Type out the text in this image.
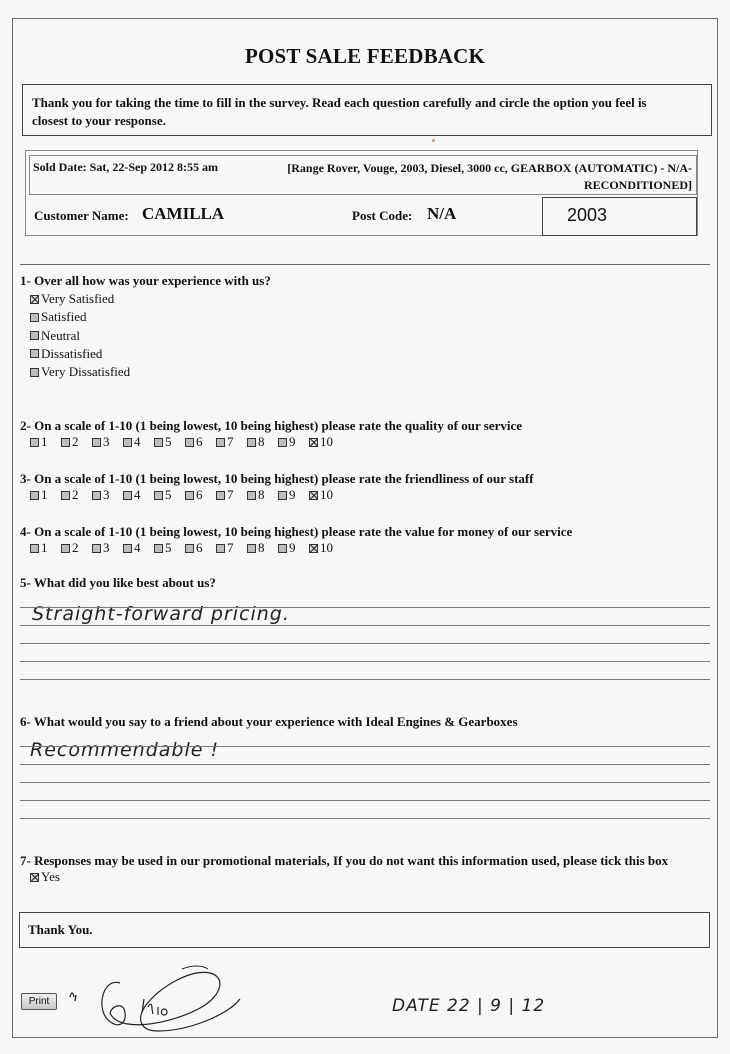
POST SALE FEEDBACK
Thank you for taking the time to fill in the survey. Read each question carefully and circle the option you feel is
closest to your response.
Sold Date: Sat, 22-Sep 2012 8:55 am	[Range Rover, Vouge, 2003, Diesel, 3000 cc, GEARBOX (AUTOMATIC) - N/A-
RECONDITIONED]
Customer Name: CAMILLA	Post Code: N/A	2003
1- Over all how was your experience with us?
Very Satisfied
Satisfied
Neutral
Dissatisfied
Very Dissatisfied
2- On a scale of 1-10 (1 being lowest, 10 being highest) please rate the quality of our service
1 2 3 4 5 6 7 8 9 10
3- On a scale of 1-10 (1 being lowest, 10 being highest) please rate the friendliness of our staff
1 2 3 4 5 6 7 8 9 10
4- On a scale of 1-10 (1 being lowest, 10 being highest) please rate the value for money of our service
1 2 3 4 5 6 7 8 9 10
5- What did you like best about us?
Straight-forward pricing.
6- What would you say to a friend about your experience with Ideal Engines & Gearboxes
Recommendable !
7- Responses may be used in our promotional materials, If you do not want this information used, please tick this box
Yes
Thank You.
Print	DATE 22 | 9 | 12
